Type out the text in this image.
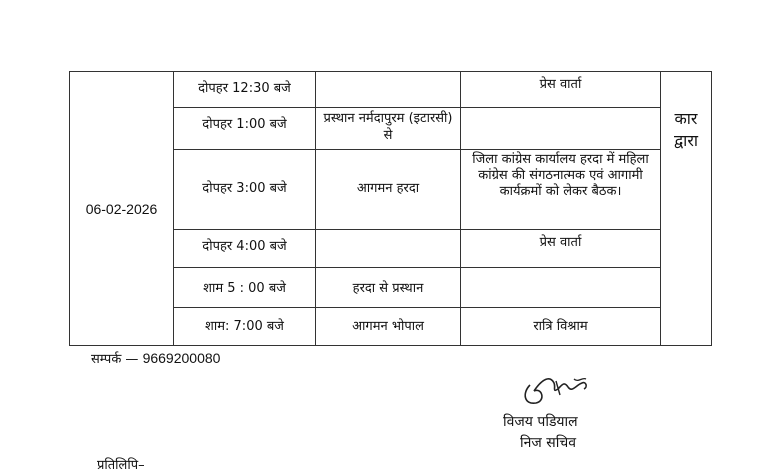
06-02-2026	दोपहर 12:30 बजे		प्रेस वार्ता	कार द्वारा
	दोपहर 1:00 बजे	प्रस्थान नर्मदापुरम (इटारसी) से		
	दोपहर 3:00 बजे	आगमन हरदा	जिला कांग्रेस कार्यालय हरदा में महिला कांग्रेस की संगठनात्मक एवं आगामी कार्यक्रमों को लेकर बैठक।	
	दोपहर 4:00 बजे		प्रेस वार्ता	
	शाम 5 : 00 बजे	हरदा से प्रस्थान		
	शाम: 7:00 बजे	आगमन भोपाल	रात्रि विश्राम	
सम्पर्क — 9669200080
विजय पडियाल
निज सचिव
प्रतिलिपि–
